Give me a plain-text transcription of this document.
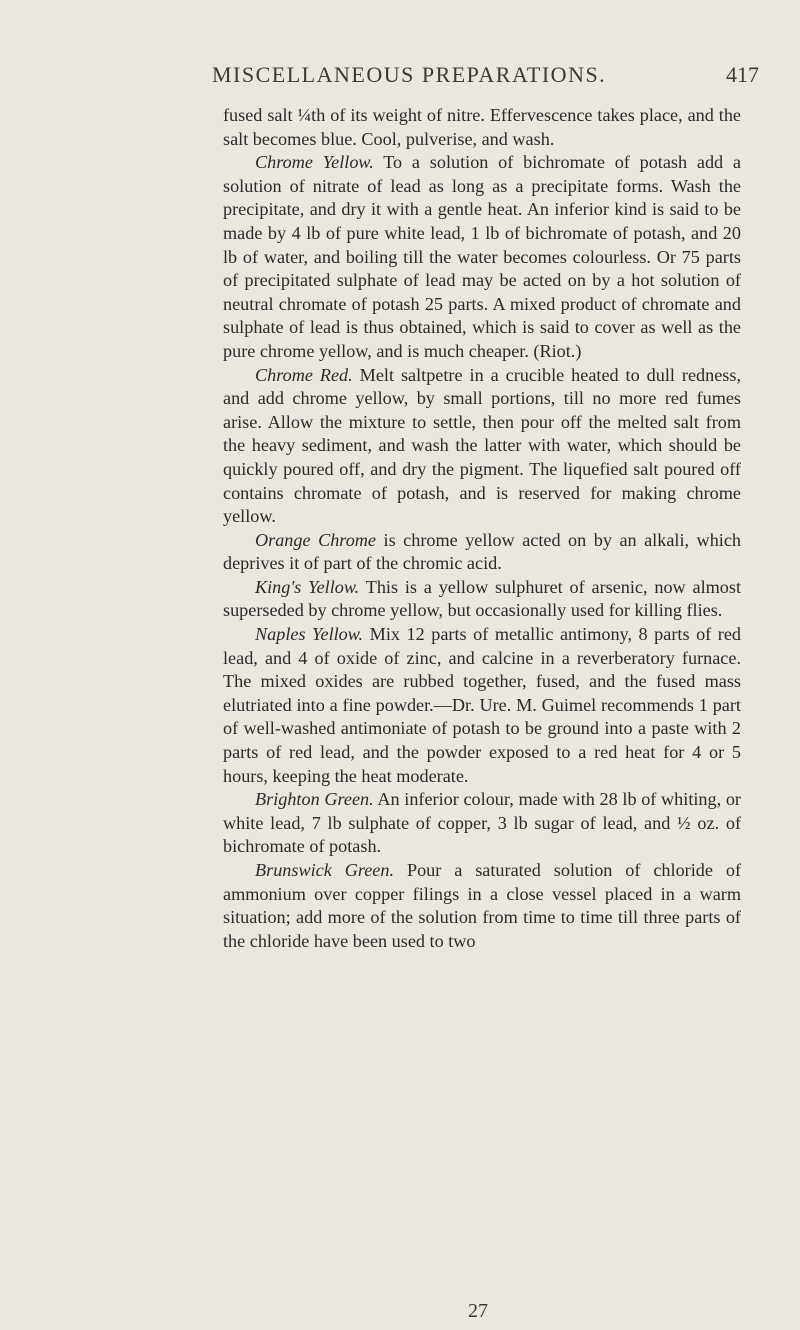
MISCELLANEOUS PREPARATIONS.	417

fused salt ¼th of its weight of nitre. Effervescence takes place, and the salt becomes blue. Cool, pulverise, and wash.

Chrome Yellow. To a solution of bichromate of potash add a solution of nitrate of lead as long as a precipitate forms. Wash the precipitate, and dry it with a gentle heat. An inferior kind is said to be made by 4 lb of pure white lead, 1 lb of bichromate of potash, and 20 lb of water, and boiling till the water becomes colourless. Or 75 parts of precipitated sulphate of lead may be acted on by a hot solution of neutral chromate of potash 25 parts. A mixed product of chromate and sulphate of lead is thus obtained, which is said to cover as well as the pure chrome yellow, and is much cheaper. (Riot.)

Chrome Red. Melt saltpetre in a crucible heated to dull redness, and add chrome yellow, by small portions, till no more red fumes arise. Allow the mixture to settle, then pour off the melted salt from the heavy sediment, and wash the latter with water, which should be quickly poured off, and dry the pigment. The liquefied salt poured off contains chromate of potash, and is reserved for making chrome yellow.

Orange Chrome is chrome yellow acted on by an alkali, which deprives it of part of the chromic acid.

King's Yellow. This is a yellow sulphuret of arsenic, now almost superseded by chrome yellow, but occasionally used for killing flies.

Naples Yellow. Mix 12 parts of metallic antimony, 8 parts of red lead, and 4 of oxide of zinc, and calcine in a reverberatory furnace. The mixed oxides are rubbed together, fused, and the fused mass elutriated into a fine powder.—Dr. Ure. M. Guimel recommends 1 part of well-washed antimoniate of potash to be ground into a paste with 2 parts of red lead, and the powder exposed to a red heat for 4 or 5 hours, keeping the heat moderate.

Brighton Green. An inferior colour, made with 28 lb of whiting, or white lead, 7 lb sulphate of copper, 3 lb sugar of lead, and ½ oz. of bichromate of potash.

Brunswick Green. Pour a saturated solution of chloride of ammonium over copper filings in a close vessel placed in a warm situation; add more of the solution from time to time till three parts of the chloride have been used to two

27
